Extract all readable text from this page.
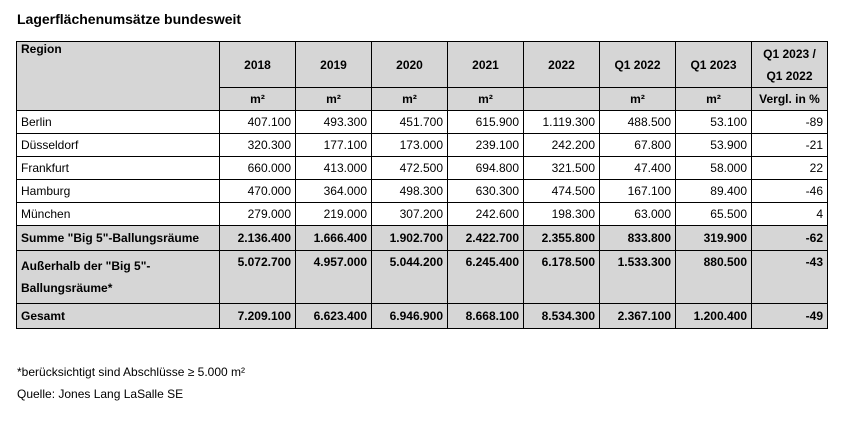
Lagerflächenumsätze bundesweit
Region	2018	2019	2020	2021	2022	Q1 2022	Q1 2023	Q1 2023 /
Q1 2022

	m²	m²	m²	m²		m²	m²	Vergl. in %
Berlin	407.100	493.300	451.700	615.900	1.119.300	488.500	53.100	-89
Düsseldorf	320.300	177.100	173.000	239.100	242.200	67.800	53.900	-21
Frankfurt	660.000	413.000	472.500	694.800	321.500	47.400	58.000	22
Hamburg	470.000	364.000	498.300	630.300	474.500	167.100	89.400	-46
München	279.000	219.000	307.200	242.600	198.300	63.000	65.500	4
Summe "Big 5"-Ballungsräume	2.136.400	1.666.400	1.902.700	2.422.700	2.355.800	833.800	319.900	-62
Außerhalb der "Big 5"-Ballungsräume*	5.072.700	4.957.000	5.044.200	6.245.400	6.178.500	1.533.300	880.500	-43
Gesamt	7.209.100	6.623.400	6.946.900	8.668.100	8.534.300	2.367.100	1.200.400	-49
*berücksichtigt sind Abschlüsse ≥ 5.000 m²
Quelle: Jones Lang LaSalle SE
